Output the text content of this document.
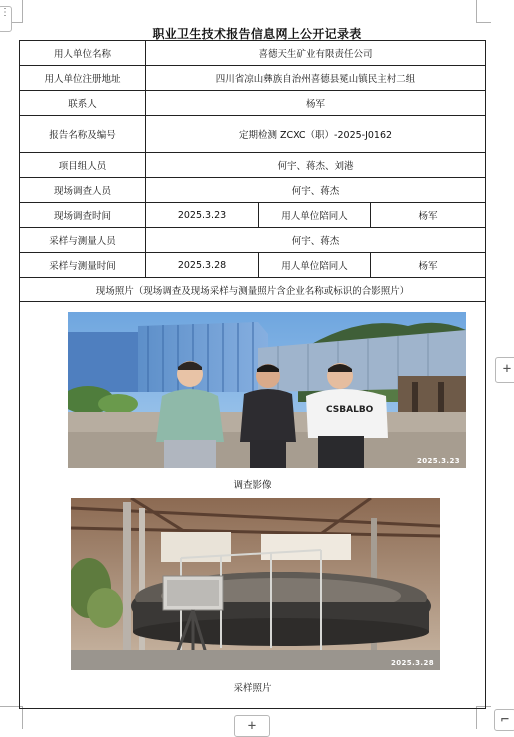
⋮
+
+	⌐
职业卫生技术报告信息网上公开记录表
用人单位名称	喜德天生矿业有限责任公司		
用人单位注册地址	四川省凉山彝族自治州喜德县冕山镇民主村二组		
联系人	杨军		
报告名称及编号	定期检测 ZCXC（职）-2025-J0162		
项目组人员	何宇、蒋杰、刘港		
现场调查人员	何宇、蒋杰		
现场调查时间	2025.3.23	用人单位陪同人	杨军
采样与测量人员	何宇、蒋杰		
采样与测量时间	2025.3.28	用人单位陪同人	杨军
现场照片（现场调查及现场采样与测量照片含企业名称或标识的合影照片）			

CSBALBO
2025.3.23
调查影像
2025.3.28
采样照片			
